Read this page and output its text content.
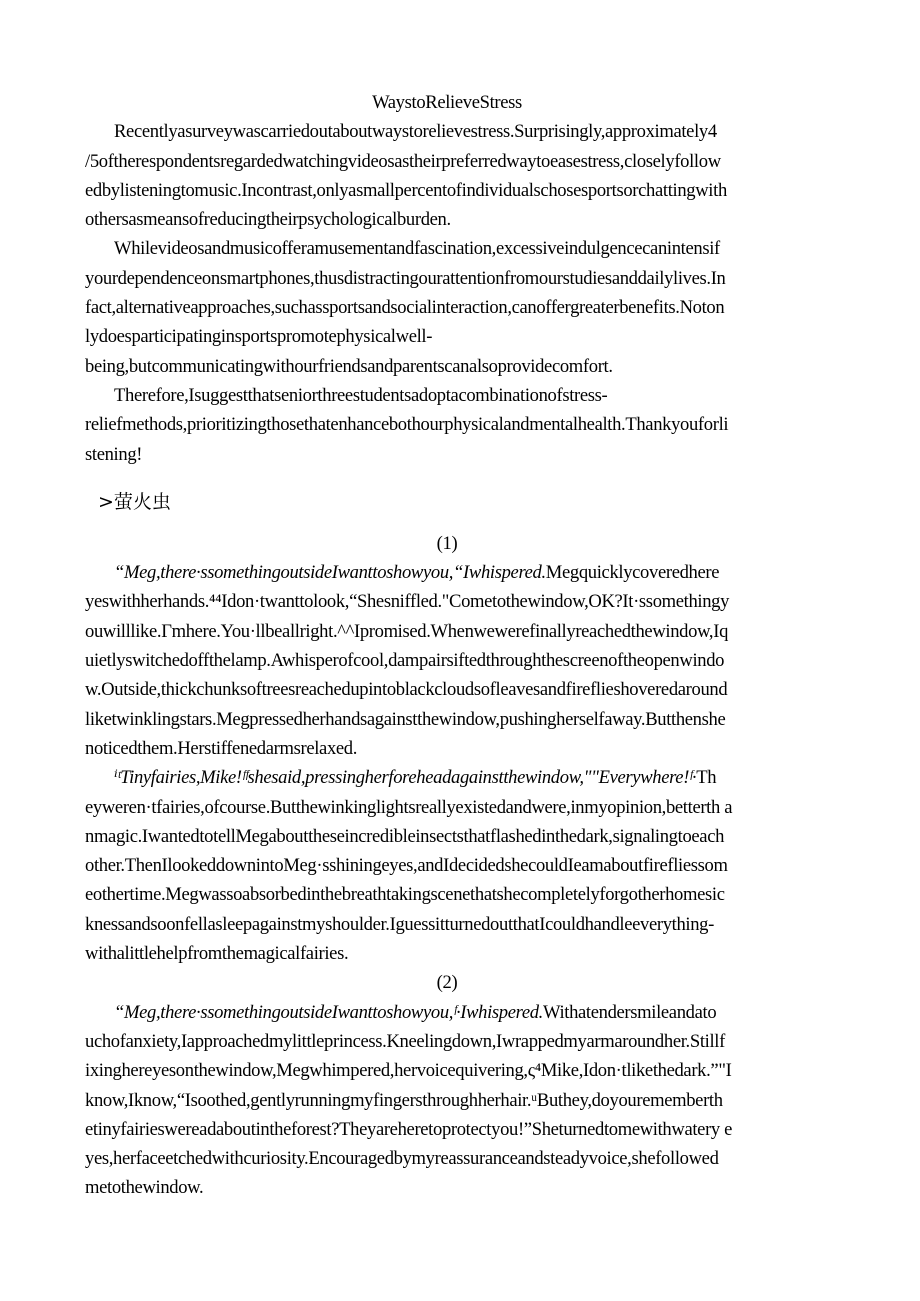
WaystoRelieveStress
Recentlyasurveywascarriedoutaboutwaystorelievestress.Surprisingly,approximately4
/5oftherespondentsregardedwatchingvideosastheirpreferredwaytoeasestress,closelyfollow
edbylisteningtomusic.Incontrast,onlyasmallpercentofindividualschosesportsorchattingwith
othersasmeansofreducingtheirpsychologicalburden.
Whilevideosandmusicofferamusementandfascination,excessiveindulgencecanintensif
yourdependenceonsmartphones,thusdistractingourattentionfromourstudiesanddailylives.In
fact,alternativeapproaches,suchassportsandsocialinteraction,canoffergreaterbenefits.Noton
lydoesparticipatinginsportspromotephysicalwell-
being,butcommunicatingwithourfriendsandparentscanalsoprovidecomfort.
Therefore,Isuggestthatseniorthreestudentsadoptacombinationofstress-
reliefmethods,prioritizingthosethatenhancebothourphysicalandmentalhealth.Thankyouforli
stening!
>萤火虫
(1)
“Meg,there·ssomethingoutsideIwanttoshowyou,“Iwhispered.Megquicklycoveredhere
yeswithherhands.⁴⁴Idon·twanttolook,“Shesniffled."Cometothewindow,OK?It·ssomethingy
ouwilllike.Γmhere.You·llbeallright.^^Ipromised.Whenwewerefinallyreachedthewindow,Iq
uietlyswitchedoffthelamp.Awhisperofcool,dampairsiftedthroughthescreenoftheopenwindo
w.Outside,thickchunksoftreesreachedupintoblackcloudsofleavesandfireflieshoveredaround
liketwinklingstars.Megpressedherhandsagainstthewindow,pushingherselfaway.Butthenshe
noticedthem.Herstiffenedarmsrelaxed.
ⁱᵗTinyfairies,Mike!ᶠᶠshesaid,pressingherforeheadagainstthewindow,""Everywhere!ᶠ·Th
eyweren·tfairies,ofcourse.Butthewinkinglightsreallyexistedandwere,inmyopinion,betterth a
nmagic.IwantedtotellMegabouttheseincredibleinsectsthatflashedinthedark,signalingtoeach
other.ThenIlookeddownintoMeg·sshiningeyes,andIdecidedshecouldIeamaboutfirefliessom
eothertime.Megwassoabsorbedinthebreathtakingscenethatshecompletelyforgotherhomesic
knessandsoonfellasleepagainstmyshoulder.IguessitturnedoutthatIcouldhandleeverything-
withalittlehelpfromthemagicalfairies.
(2)
“Meg,there·ssomethingoutsideIwanttoshowyou,ᶠ·Iwhispered.Withatendersmileandato
uchofanxiety,Iapproachedmylittleprincess.Kneelingdown,Iwrappedmyarmaroundher.Stillf
ixinghereyesonthewindow,Megwhimpered,hervoicequivering,ς⁴Mike,Idon·tlikethedark.”"I
know,Iknow,“Isoothed,gentlyrunningmyfingersthroughherhair.ᵘButhey,doyourememberth
etinyfairieswereadaboutintheforest?Theyareheretoprotectyou!”Sheturnedtomewithwatery e
yes,herfaceetchedwithcuriosity.Encouragedbymyreassuranceandsteadyvoice,shefollowed
metothewindow.
